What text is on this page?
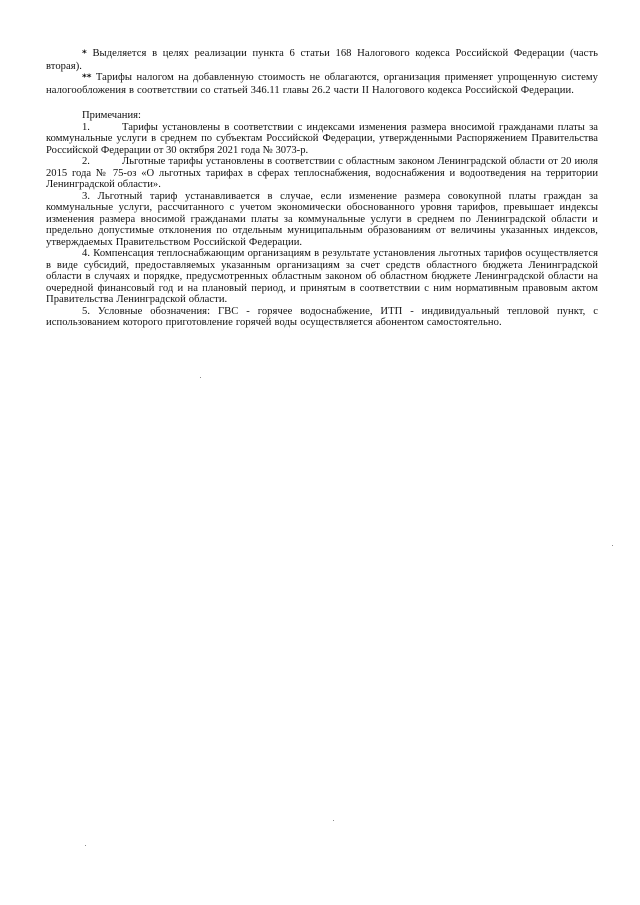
* Выделяется в целях реализации пункта 6 статьи 168 Налогового кодекса Российской Федерации (часть вторая).

** Тарифы налогом на добавленную стоимость не облагаются, организация применяет упрощенную систему налогообложения в соответствии со статьей 346.11 главы 26.2 части II Налогового кодекса Российской Федерации.

Примечания:

1.	Тарифы установлены в соответствии с индексами изменения размера вносимой гражданами платы за коммунальные услуги в среднем по субъектам Российской Федерации, утвержденными Распоряжением Правительства Российской Федерации от 30 октября 2021 года № 3073-р.

2.	Льготные тарифы установлены в соответствии с областным законом Ленинградской области от 20 июля 2015 года № 75-оз «О льготных тарифах в сферах теплоснабжения, водоснабжения и водоотведения на территории Ленинградской области».

3. Льготный тариф устанавливается в случае, если изменение размера совокупной платы граждан за коммунальные услуги, рассчитанного с учетом экономически обоснованного уровня тарифов, превышает индексы изменения размера вносимой гражданами платы за коммунальные услуги в среднем по Ленинградской области и предельно допустимые отклонения по отдельным муниципальным образованиям от величины указанных индексов, утверждаемых Правительством Российской Федерации.

4. Компенсация теплоснабжающим организациям в результате установления льготных тарифов осуществляется в виде субсидий, предоставляемых указанным организациям за счет средств областного бюджета Ленинградской области в случаях и порядке, предусмотренных областным законом об областном бюджете Ленинградской области на очередной финансовый год и на плановый период, и принятым в соответствии с ним нормативным правовым актом Правительства Ленинградской области.

5. Условные обозначения: ГВС - горячее водоснабжение, ИТП - индивидуальный тепловой пункт, с использованием которого приготовление горячей воды осуществляется абонентом самостоятельно.
